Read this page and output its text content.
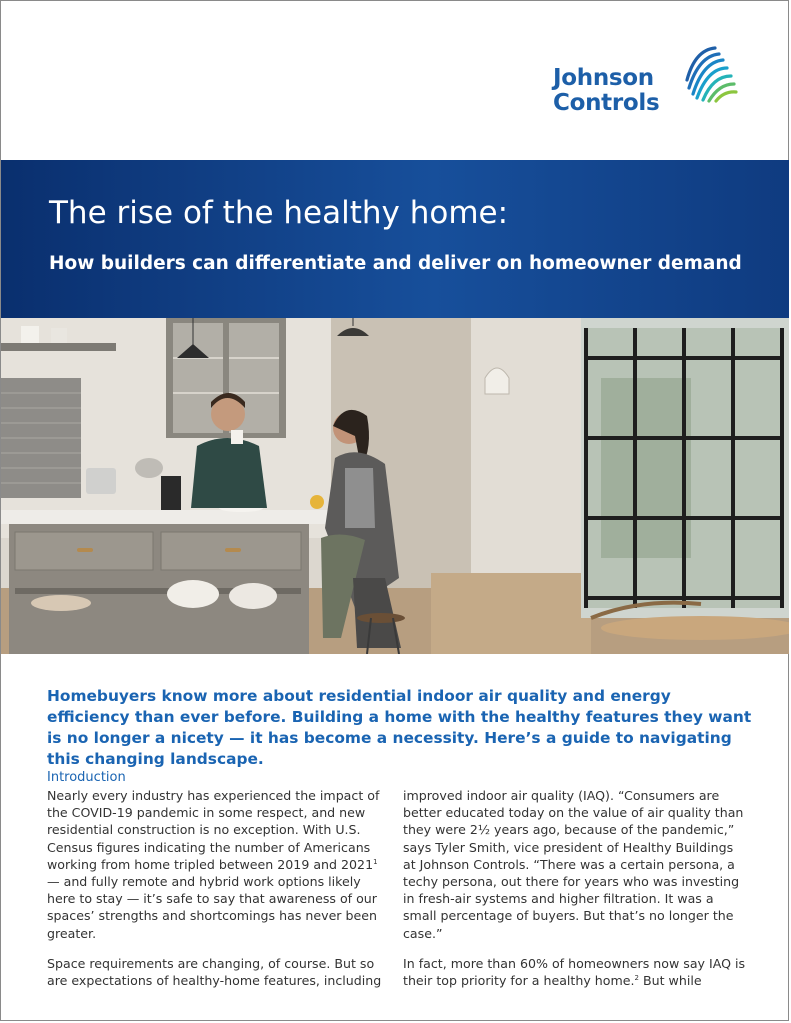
Johnson
Controls
The rise of the healthy home:
How builders can differentiate and deliver on homeowner demand

Homebuyers know more about residential indoor air quality and energy efficiency than ever before. Building a home with the healthy features they want is no longer a nicety — it has become a necessity. Here’s a guide to navigating this changing landscape.

Introduction

Nearly every industry has experienced the impact of the COVID-19 pandemic in some respect, and new residential construction is no exception. With U.S. Census figures indicating the number of Americans working from home tripled between 2019 and 2021$^1$ — and fully remote and hybrid work options likely here to stay — it’s safe to say that awareness of our spaces’ strengths and shortcomings has never been greater.

Space requirements are changing, of course. But so are expectations of healthy-home features, including

improved indoor air quality (IAQ). “Consumers are better educated today on the value of air quality than they were 2½ years ago, because of the pandemic,” says Tyler Smith, vice president of Healthy Buildings at Johnson Controls. “There was a certain persona, a techy persona, out there for years who was investing in fresh-air systems and higher filtration. It was a small percentage of buyers. But that’s no longer the case.”

In fact, more than 60% of homeowners now say IAQ is their top priority for a healthy home.$^2$ But while
